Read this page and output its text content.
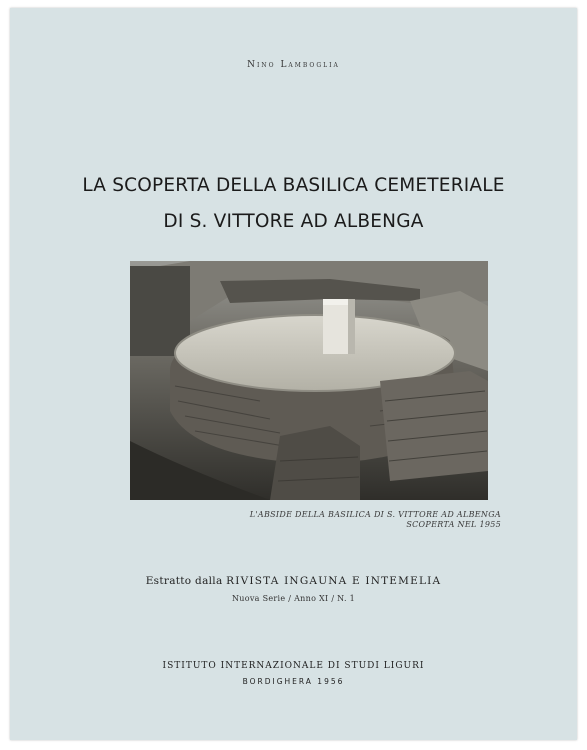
Nino Lamboglia
LA SCOPERTA DELLA BASILICA CEMETERIALE
DI S. VITTORE AD ALBENGA
L'ABSIDE DELLA BASILICA DI S. VITTORE AD ALBENGA
SCOPERTA NEL 1955
Estratto dalla RIVISTA INGAUNA E INTEMELIA
Nuova Serie / Anno XI / N. 1
ISTITUTO INTERNAZIONALE DI STUDI LIGURI
BORDIGHERA 1956
